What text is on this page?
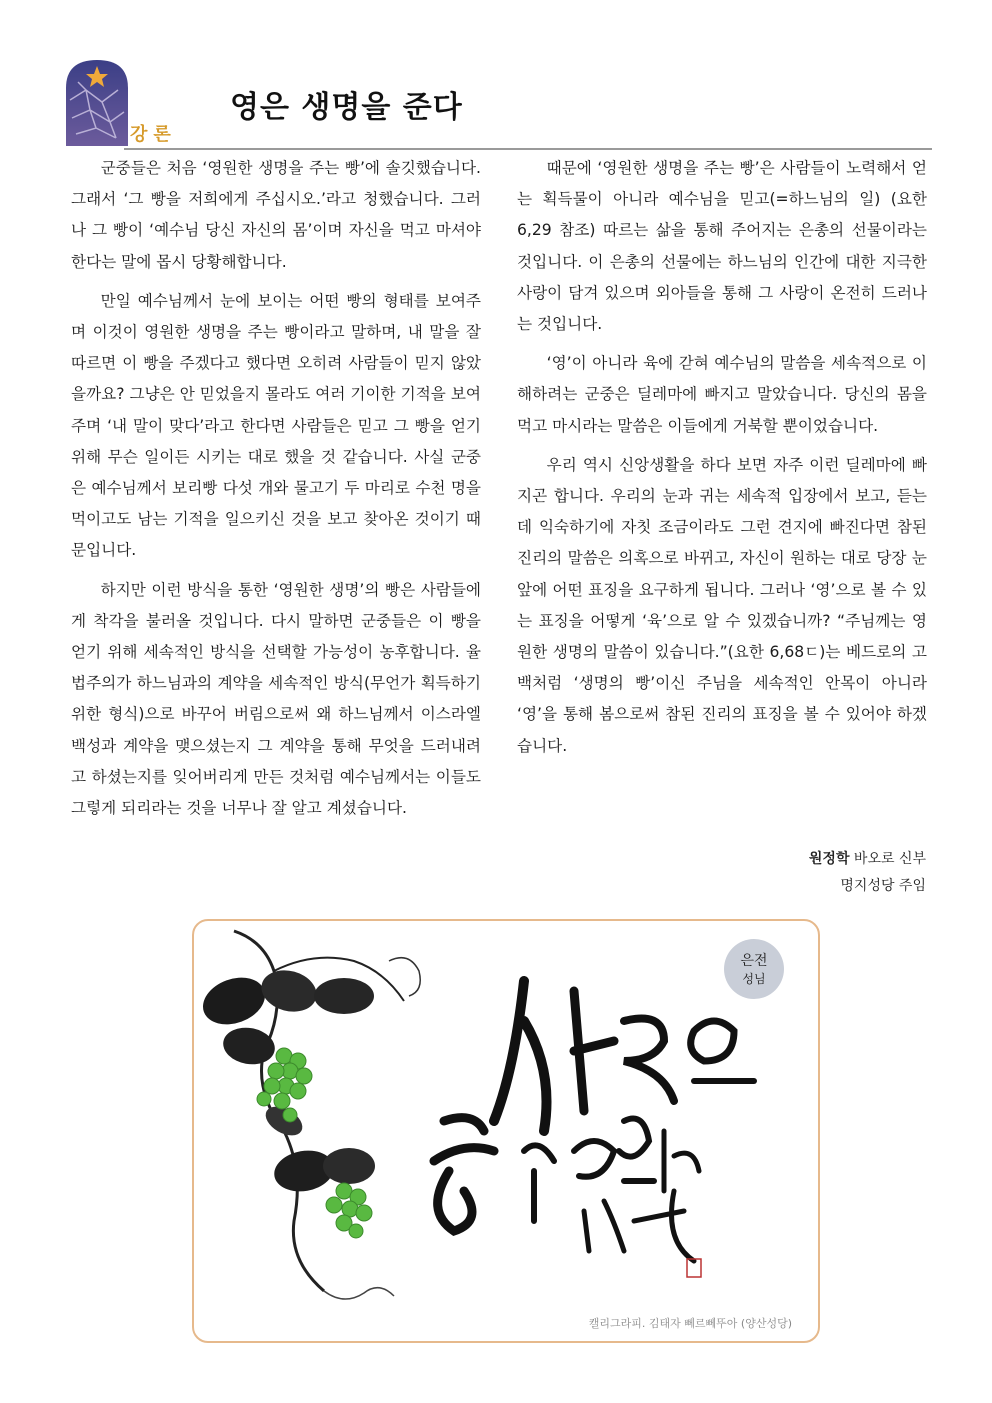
강론
영은 생명을 준다

군중들은 처음 ‘영원한 생명을 주는 빵’에 솔깃했습니다. 그래서 ‘그 빵을 저희에게 주십시오.’라고 청했습니다. 그러나 그 빵이 ‘예수님 당신 자신의 몸’이며 자신을 먹고 마셔야 한다는 말에 몹시 당황해합니다.

만일 예수님께서 눈에 보이는 어떤 빵의 형태를 보여주며 이것이 영원한 생명을 주는 빵이라고 말하며, 내 말을 잘 따르면 이 빵을 주겠다고 했다면 오히려 사람들이 믿지 않았을까요? 그냥은 안 믿었을지 몰라도 여러 기이한 기적을 보여주며 ‘내 말이 맞다’라고 한다면 사람들은 믿고 그 빵을 얻기 위해 무슨 일이든 시키는 대로 했을 것 같습니다. 사실 군중은 예수님께서 보리빵 다섯 개와 물고기 두 마리로 수천 명을 먹이고도 남는 기적을 일으키신 것을 보고 찾아온 것이기 때문입니다.

하지만 이런 방식을 통한 ‘영원한 생명’의 빵은 사람들에게 착각을 불러올 것입니다. 다시 말하면 군중들은 이 빵을 얻기 위해 세속적인 방식을 선택할 가능성이 농후합니다. 율법주의가 하느님과의 계약을 세속적인 방식(무언가 획득하기 위한 형식)으로 바꾸어 버림으로써 왜 하느님께서 이스라엘 백성과 계약을 맺으셨는지 그 계약을 통해 무엇을 드러내려고 하셨는지를 잊어버리게 만든 것처럼 예수님께서는 이들도 그렇게 되리라는 것을 너무나 잘 알고 계셨습니다.

때문에 ‘영원한 생명을 주는 빵’은 사람들이 노력해서 얻는 획득물이 아니라 예수님을 믿고(=하느님의 일) (요한 6,29 참조) 따르는 삶을 통해 주어지는 은총의 선물이라는 것입니다. 이 은총의 선물에는 하느님의 인간에 대한 지극한 사랑이 담겨 있으며 외아들을 통해 그 사랑이 온전히 드러나는 것입니다.

‘영’이 아니라 육에 갇혀 예수님의 말씀을 세속적으로 이해하려는 군중은 딜레마에 빠지고 말았습니다. 당신의 몸을 먹고 마시라는 말씀은 이들에게 거북할 뿐이었습니다.

우리 역시 신앙생활을 하다 보면 자주 이런 딜레마에 빠지곤 합니다. 우리의 눈과 귀는 세속적 입장에서 보고, 듣는 데 익숙하기에 자칫 조금이라도 그런 견지에 빠진다면 참된 진리의 말씀은 의혹으로 바뀌고, 자신이 원하는 대로 당장 눈앞에 어떤 표징을 요구하게 됩니다. 그러나 ‘영’으로 볼 수 있는 표징을 어떻게 ‘육’으로 알 수 있겠습니까? “주님께는 영원한 생명의 말씀이 있습니다.”(요한 6,68ㄷ)는 베드로의 고백처럼 ‘생명의 빵’이신 주님을 세속적인 안목이 아니라 ‘영’을 통해 봄으로써 참된 진리의 표징을 볼 수 있어야 하겠습니다.

원정학 바오로 신부
명지성당 주임
은전
성님
캘리그라피. 김태자 뻬르뻬뚜아 (양산성당)
